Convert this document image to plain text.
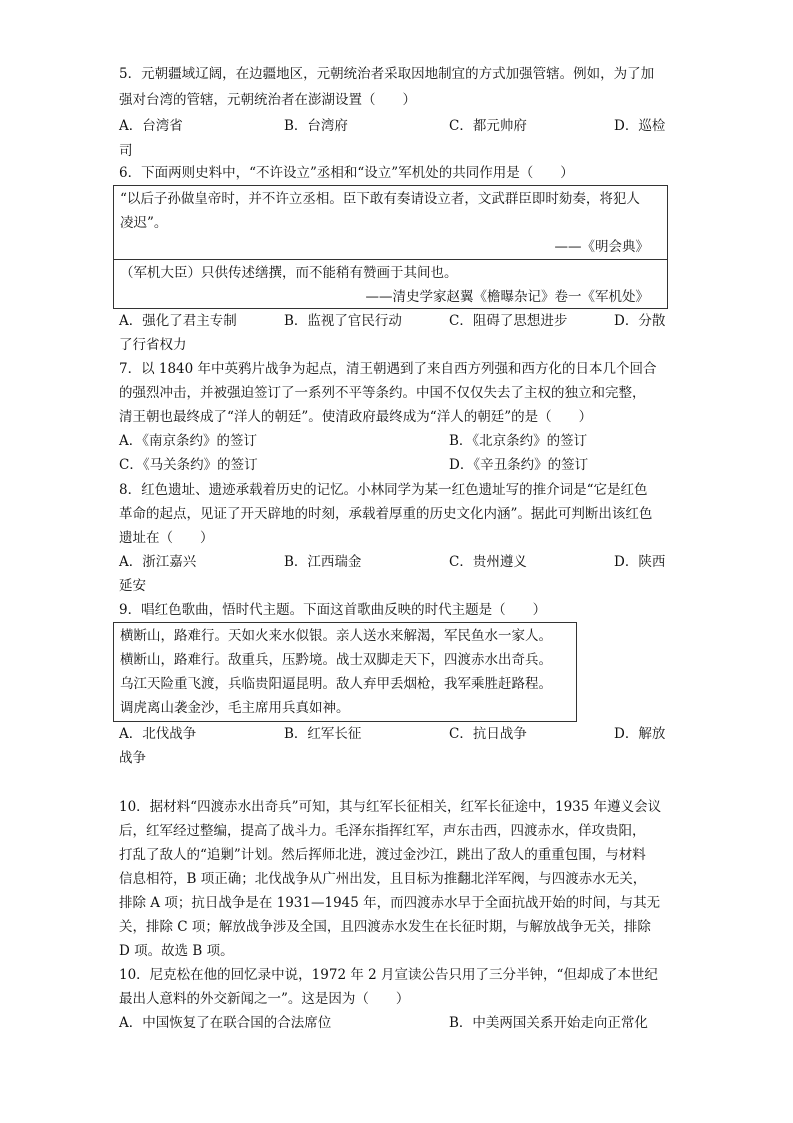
5．元朝疆域辽阔，在边疆地区，元朝统治者采取因地制宜的方式加强管辖。例如，为了加
强对台湾的管辖，元朝统治者在澎湖设置（　　）
A．台湾省	B．台湾府	C．都元帅府	D．巡检
司
6．下面两则史料中，“不许设立”丞相和“设立”军机处的共同作用是（　　）
“以后子孙做皇帝时，并不许立丞相。臣下敢有奏请设立者，文武群臣即时劾奏，将犯人
凌迟”。
——《明会典》
（军机大臣）只供传述缮撰，而不能稍有赞画于其间也。
——清史学家赵翼《檐曝杂记》卷一《军机处》
A．强化了君主专制	B．监视了官民行动	C．阻碍了思想进步	D．分散
了行省权力
7．以 1840 年中英鸦片战争为起点，清王朝遇到了来自西方列强和西方化的日本几个回合
的强烈冲击，并被强迫签订了一系列不平等条约。中国不仅仅失去了主权的独立和完整，
清王朝也最终成了“洋人的朝廷”。使清政府最终成为“洋人的朝廷”的是（　　）
A．《南京条约》的签订	B．《北京条约》的签订
C．《马关条约》的签订	D．《辛丑条约》的签订
8．红色遗址、遗迹承载着历史的记忆。小林同学为某一红色遗址写的推介词是“它是红色
革命的起点，见证了开天辟地的时刻，承载着厚重的历史文化内涵”。据此可判断出该红色
遗址在（　　）
A．浙江嘉兴	B．江西瑞金	C．贵州遵义	D．陕西
延安
9．唱红色歌曲，悟时代主题。下面这首歌曲反映的时代主题是（　　）
横断山，路难行。天如火来水似银。亲人送水来解渴，军民鱼水一家人。
横断山，路难行。敌重兵，压黔境。战士双脚走天下，四渡赤水出奇兵。
乌江天险重飞渡，兵临贵阳逼昆明。敌人弃甲丢烟枪，我军乘胜赶路程。
调虎离山袭金沙，毛主席用兵真如神。
A．北伐战争	B．红军长征	C．抗日战争	D．解放
战争
10．据材料“四渡赤水出奇兵”可知，其与红军长征相关，红军长征途中，1935 年遵义会议
后，红军经过整编，提高了战斗力。毛泽东指挥红军，声东击西，四渡赤水，佯攻贵阳，
打乱了敌人的“追剿”计划。然后挥师北进，渡过金沙江，跳出了敌人的重重包围，与材料
信息相符，B 项正确；北伐战争从广州出发，且目标为推翻北洋军阀，与四渡赤水无关，
排除 A 项；抗日战争是在 1931—1945 年，而四渡赤水早于全面抗战开始的时间，与其无
关，排除 C 项；解放战争涉及全国，且四渡赤水发生在长征时期，与解放战争无关，排除
D 项。故选 B 项。
10．尼克松在他的回忆录中说，1972 年 2 月宣读公告只用了三分半钟，“但却成了本世纪
最出人意料的外交新闻之一”。这是因为（　　）
A．中国恢复了在联合国的合法席位	B．中美两国关系开始走向正常化
